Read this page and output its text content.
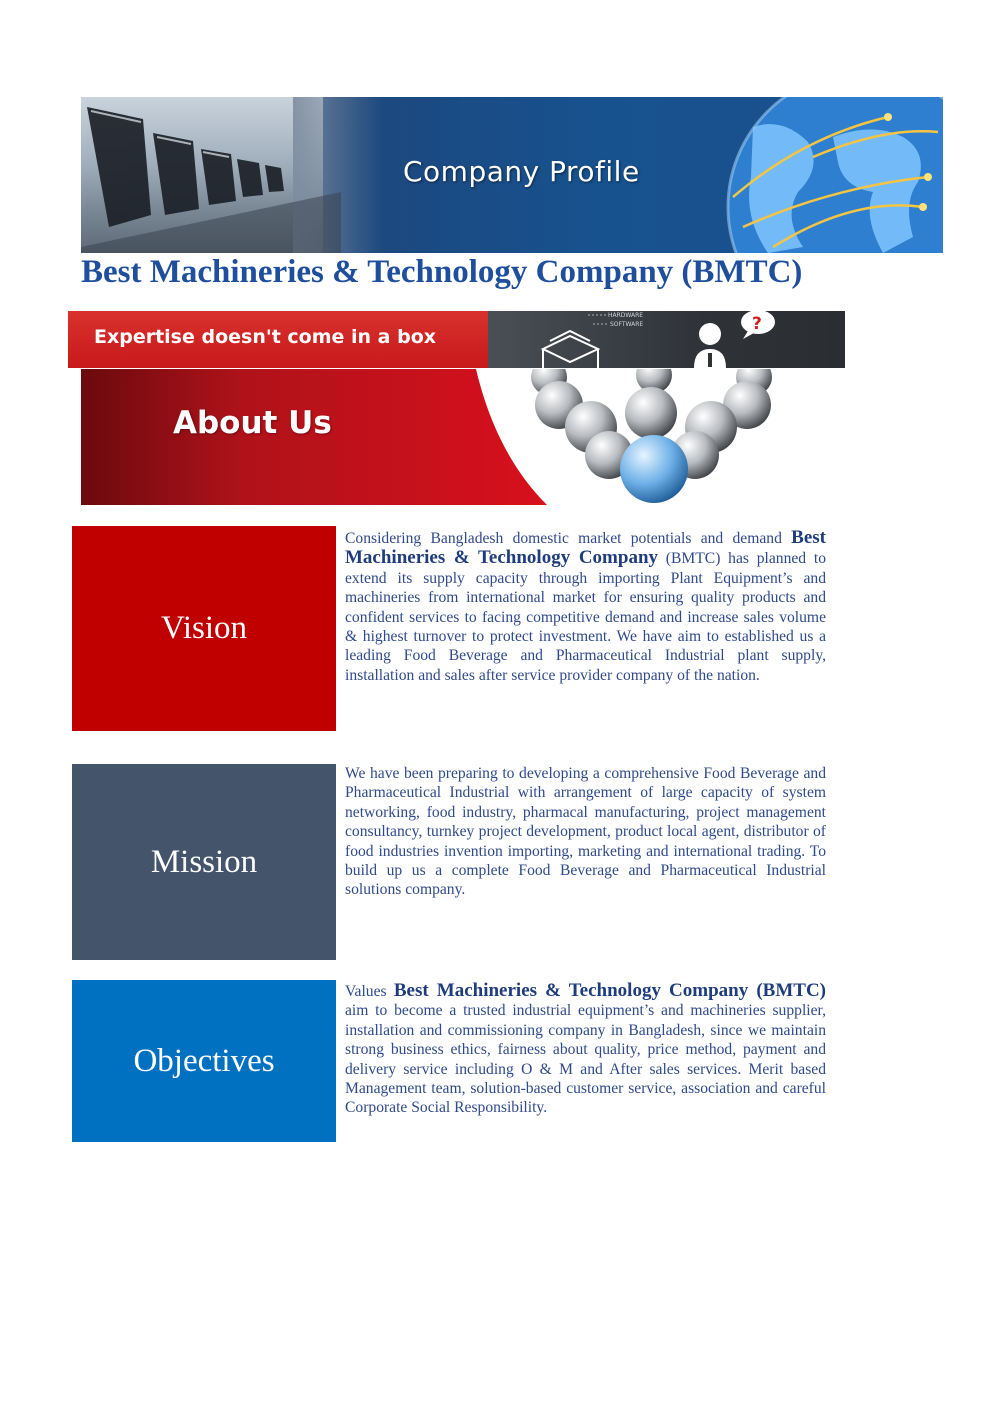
Company Profile
Best Machineries & Technology Company (BMTC)
Expertise doesn't come in a box
HARDWARE
SOFTWARE	?
About Us
Vision

Considering Bangladesh domestic market potentials and demand Best Machineries & Technology Company (BMTC) has planned to extend its supply capacity through importing Plant Equipment’s and machineries from international market for ensuring quality products and confident services to facing competitive demand and increase sales volume & highest turnover to protect investment. We have aim to established us a leading Food Beverage and Pharmaceutical Industrial plant supply, installation and sales after service provider company of the nation.

Mission

We have been preparing to developing a comprehensive Food Beverage and Pharmaceutical Industrial with arrangement of large capacity of system networking, food industry, pharmacal manufacturing, project management consultancy, turnkey project development, product local agent, distributor of food industries invention importing, marketing and international trading. To build up us a complete Food Beverage and Pharmaceutical Industrial solutions company.

Objectives

Values Best Machineries & Technology Company (BMTC) aim to become a trusted industrial equipment’s and machineries supplier, installation and commissioning company in Bangladesh, since we maintain strong business ethics, fairness about quality, price method, payment and delivery service including O & M and After sales services. Merit based Management team, solution-based customer service, association and careful Corporate Social Responsibility.
